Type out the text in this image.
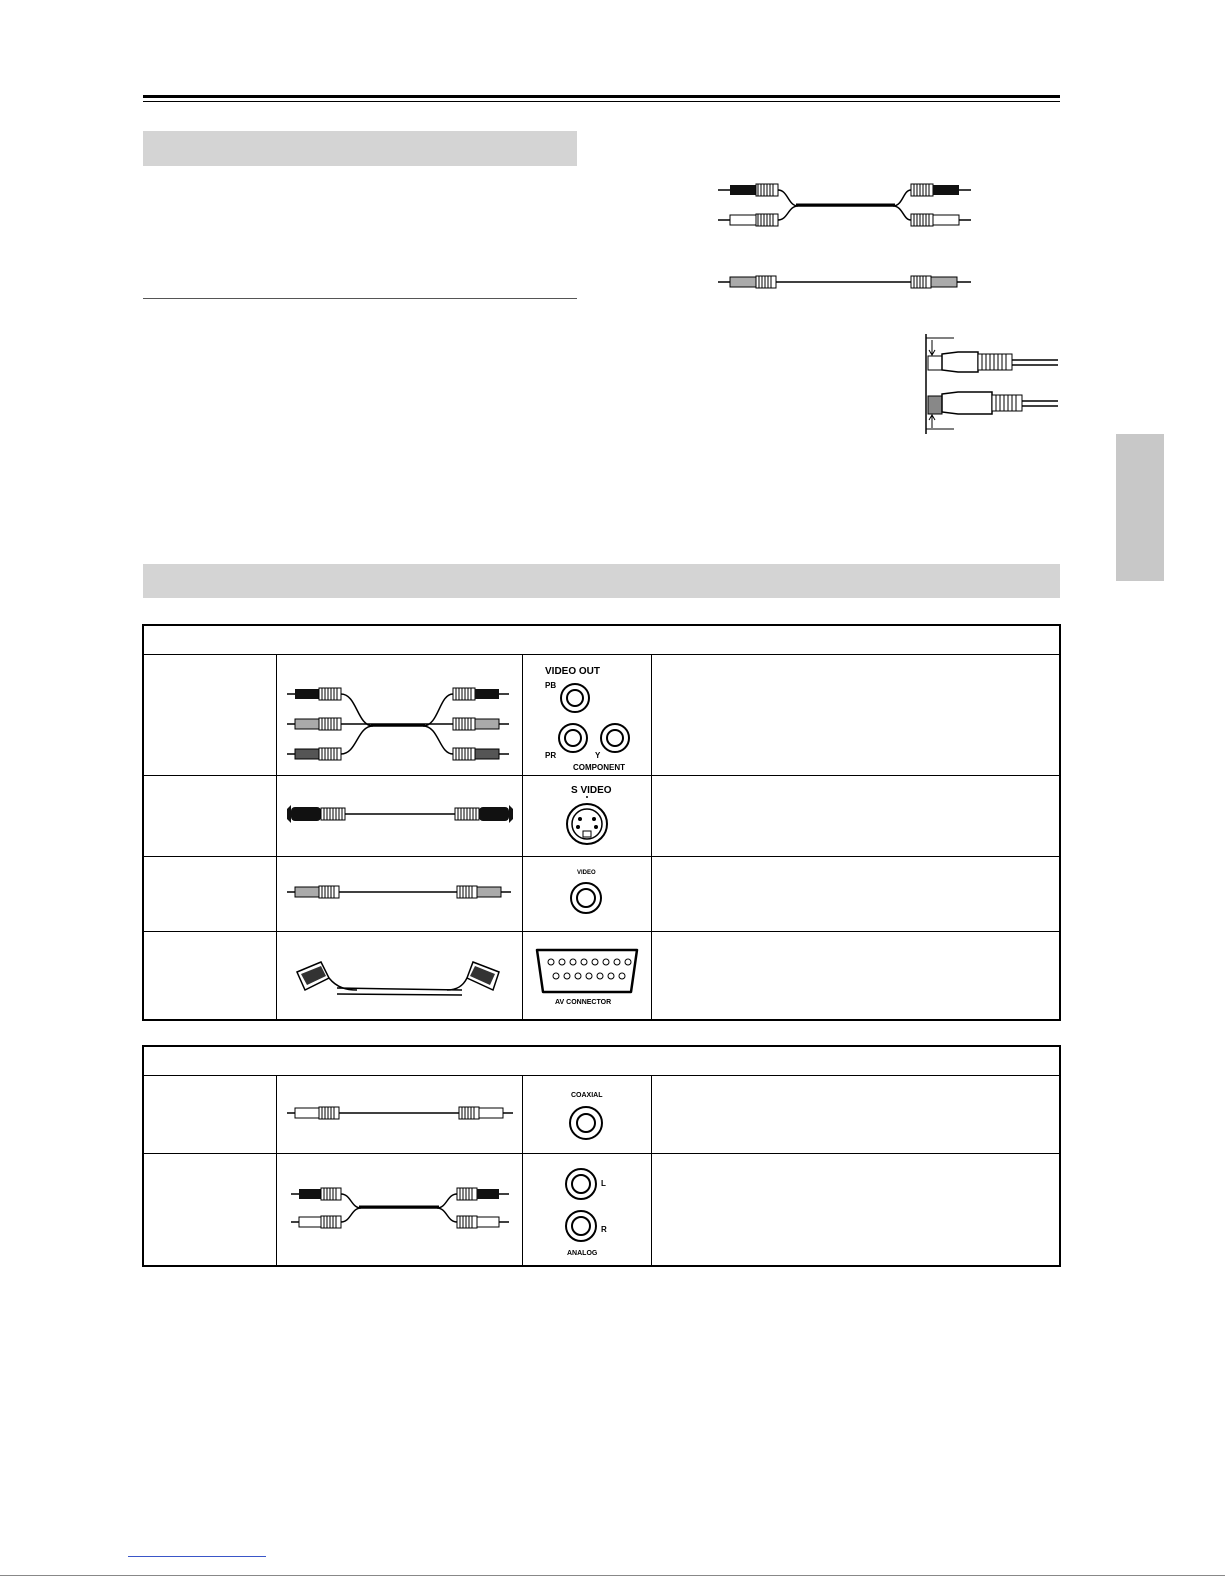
VIDEO OUT
PB
PR Y
COMPONENT	

S VIDEO	

VIDEO	

AV CONNECTOR	

COAXIAL	

L
R
ANALOG	
